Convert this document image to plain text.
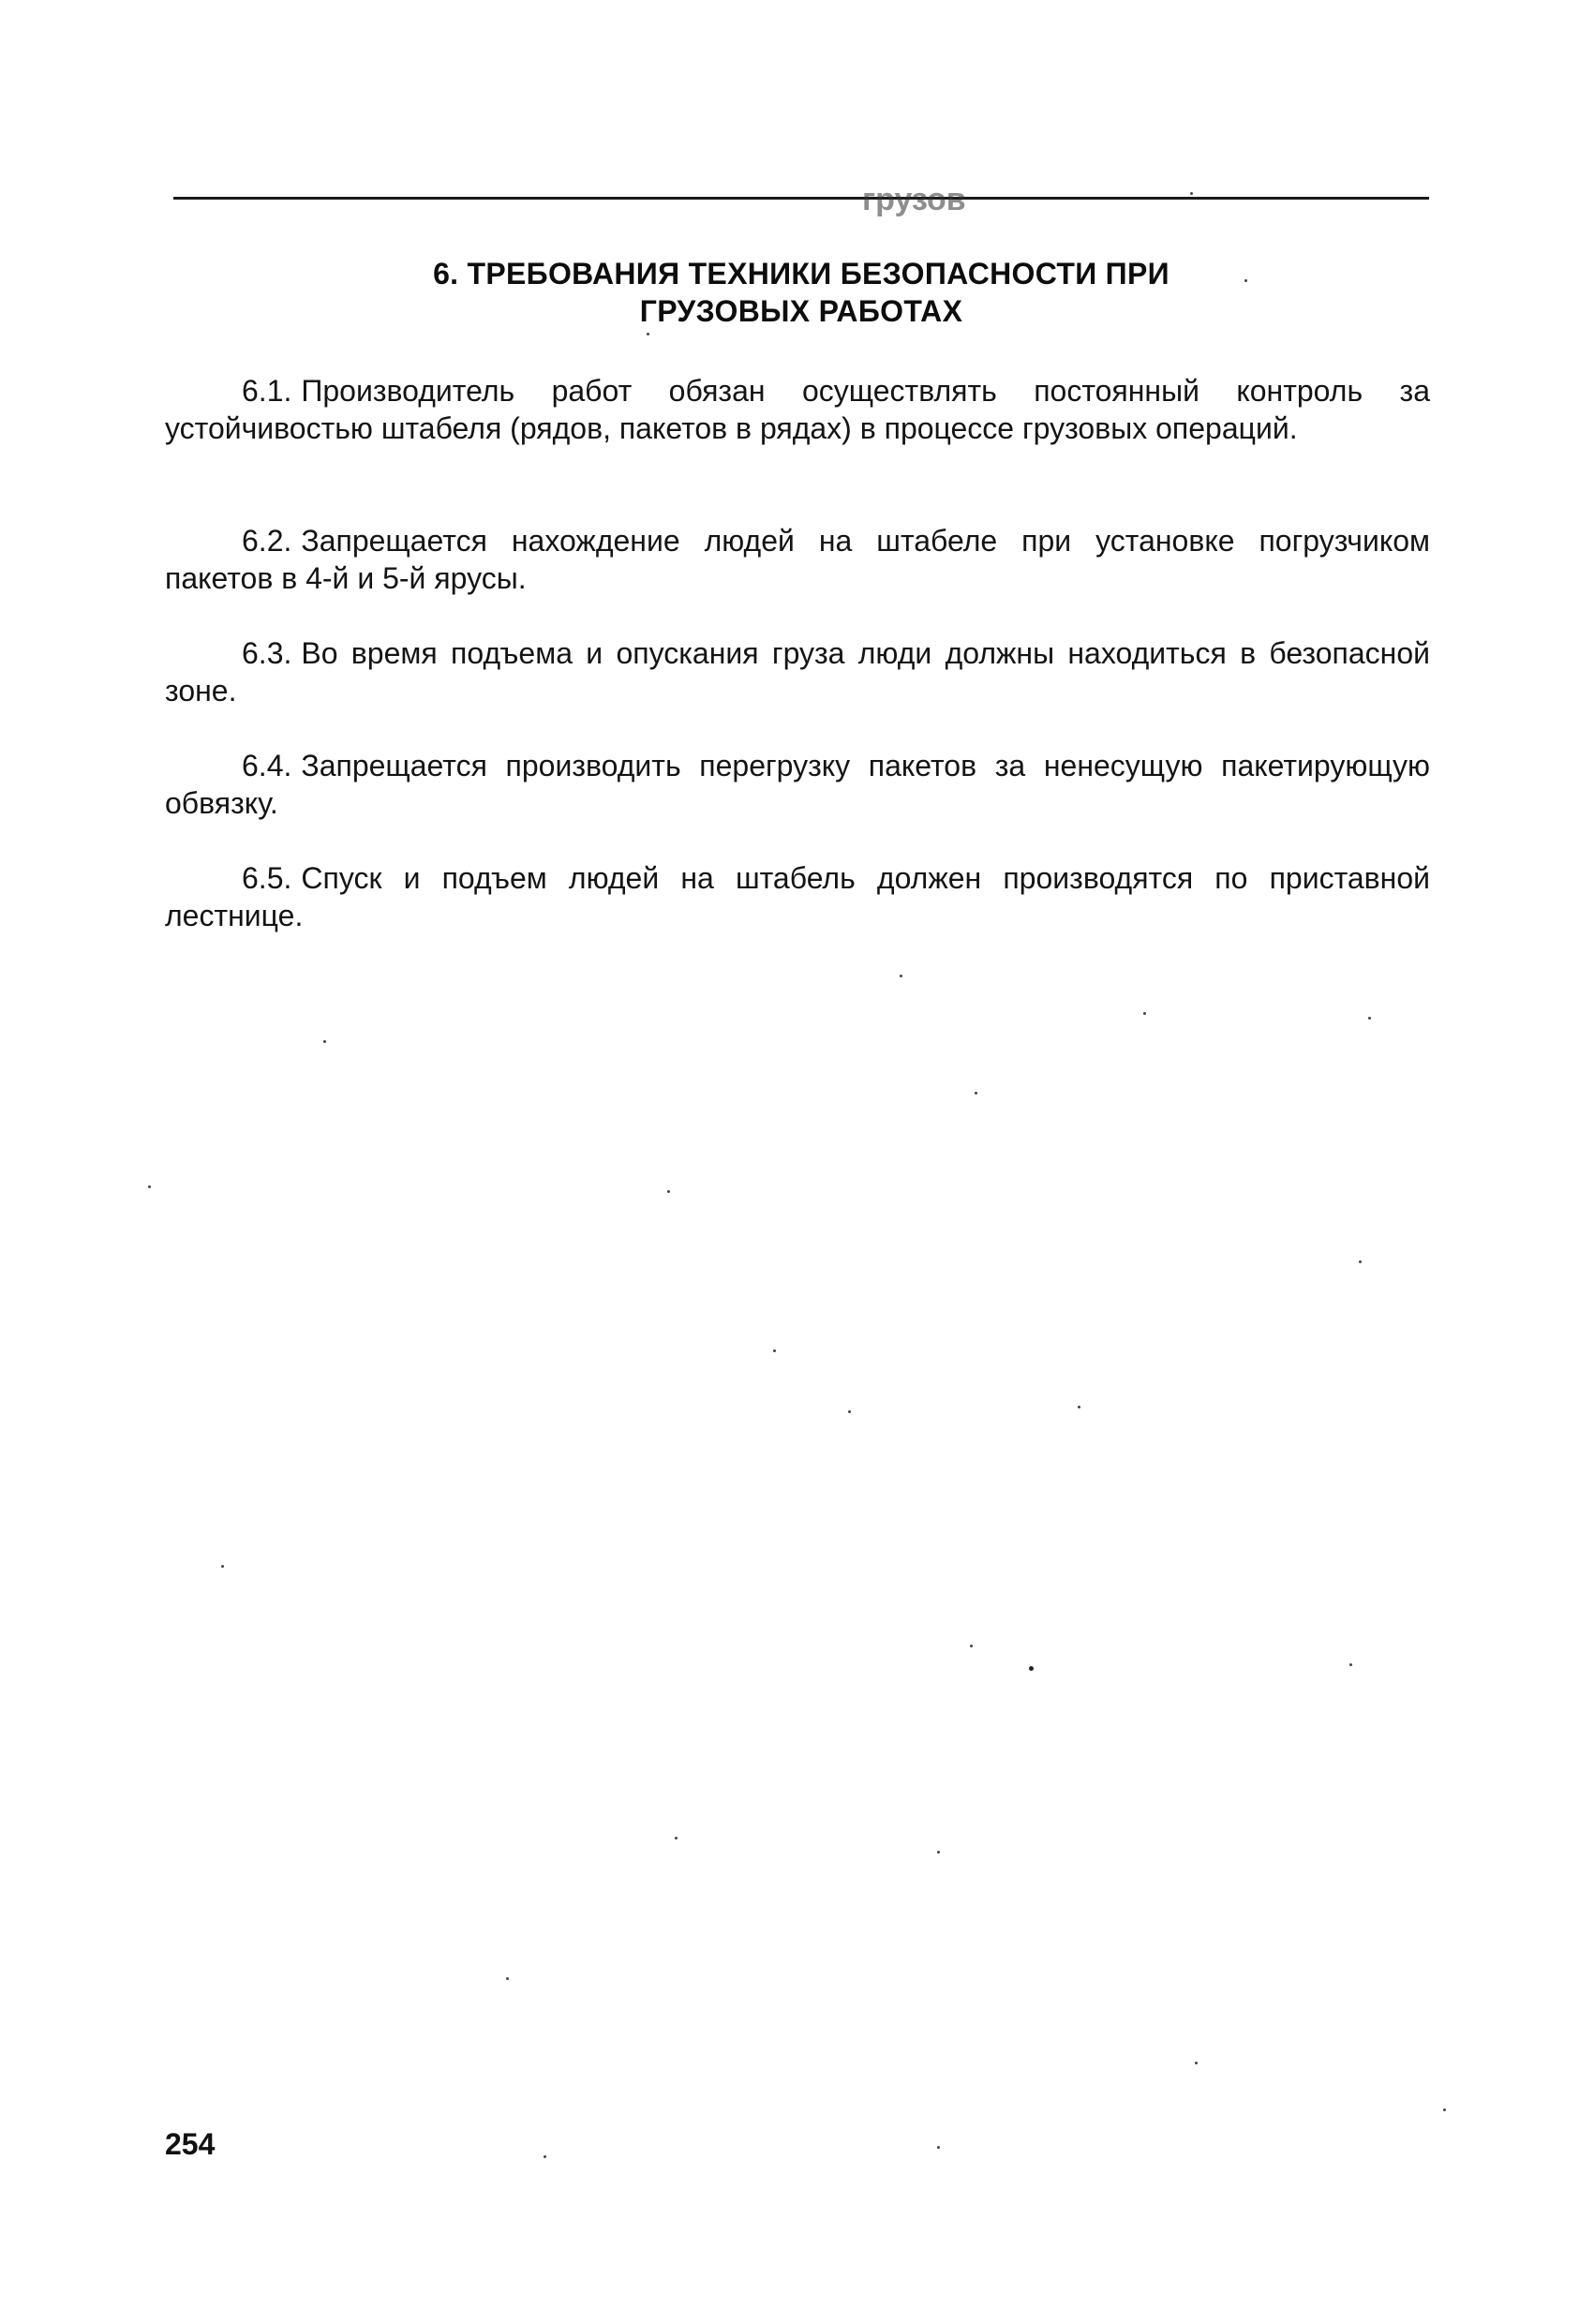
грузов
6. ТРЕБОВАНИЯ ТЕХНИКИ БЕЗОПАСНОСТИ ПРИ
ГРУЗОВЫХ РАБОТАХ

6.1. Производитель работ обязан осуществлять постоянный контроль за устойчивостью штабеля (рядов, пакетов в рядах) в процессе грузовых операций.

6.2. Запрещается нахождение людей на штабеле при установке погрузчиком пакетов в 4-й и 5-й ярусы.

6.3. Во время подъема и опускания груза люди должны находиться в безопасной зоне.

6.4. Запрещается производить перегрузку пакетов за ненесущую пакетирующую обвязку.

6.5. Спуск и подъем людей на штабель должен производятся по приставной лестнице.

254
